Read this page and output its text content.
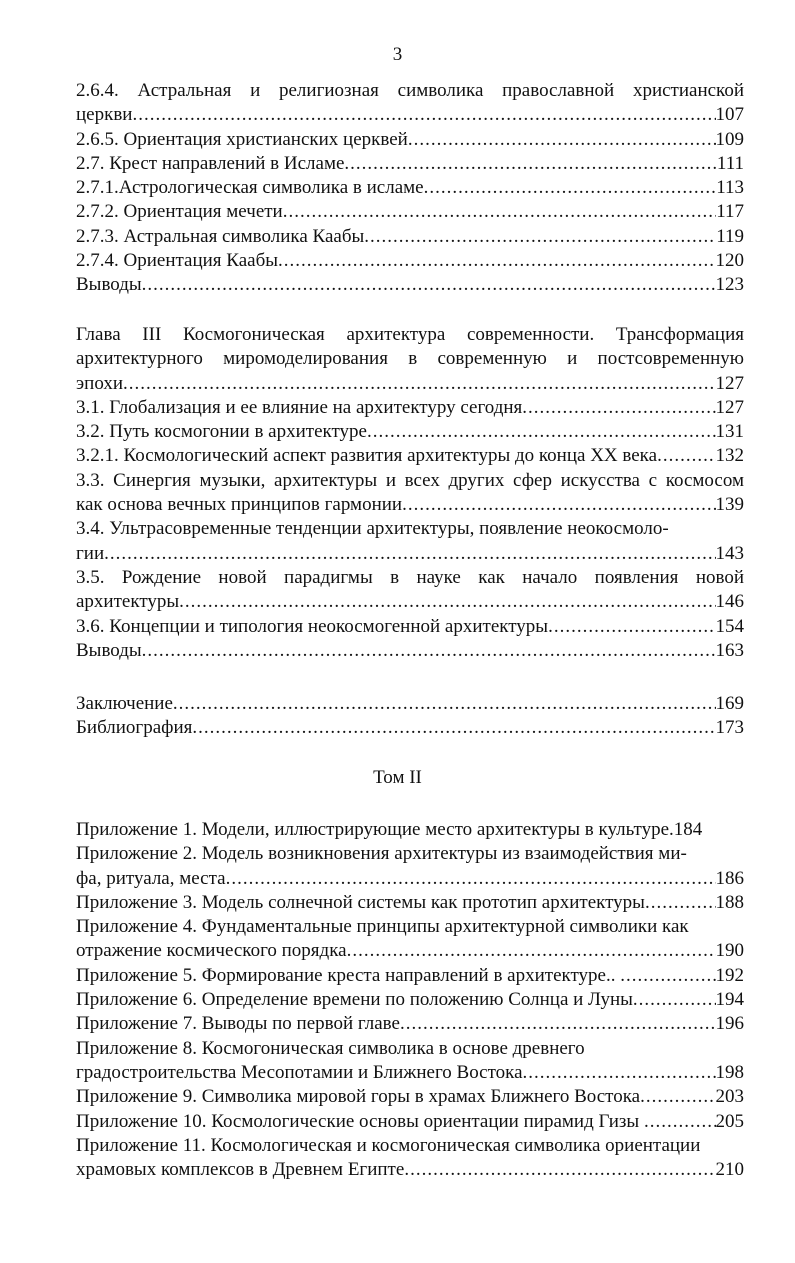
3
2.6.4. Астральная и религиозная символика православной христианской
церкви .....	107
2.6.5. Ориентация христианских церквей .....	109
2.7. Крест направлений в Исламе .....	111
2.7.1.Астрологическая символика в исламе .....	113
2.7.2. Ориентация мечети .....	117
2.7.3. Астральная символика Каабы .....	119
2.7.4. Ориентация Каабы .....	120
Выводы .....	123
Глава III Космогоническая архитектура современности. Трансформация
архитектурного миромоделирования в современную и постсовременную
эпохи .....	127
3.1. Глобализация и ее влияние на архитектуру сегодня .....	127
3.2. Путь космогонии в архитектуре .....	131
3.2.1. Космологический аспект развития архитектуры до конца XX века .....	132
3.3. Синергия музыки, архитектуры и всех других сфер искусства с космосом
как основа вечных принципов гармонии .....	139
3.4. Ультрасовременные тенденции архитектуры, появление неокосмоло-
гии .....	143
3.5. Рождение новой парадигмы в науке как начало появления новой
архитектуры .....	146
3.6. Концепции и типология неокосмогенной архитектуры .....	154
Выводы .....	163
Заключение .....	169
Библиография .....	173
Том II
Приложение 1. Модели, иллюстрирующие место архитектуры в культуре.184
Приложение 2. Модель возникновения архитектуры из взаимодействия ми-
фа, ритуала, места .....	186
Приложение 3. Модель солнечной системы как прототип архитектуры .....	188
Приложение 4. Фундаментальные принципы архитектурной символики как
отражение космического порядка .....	190
Приложение 5. Формирование креста направлений в архитектуре.. .....	192
Приложение 6. Определение времени по положению Солнца и Луны .....	194
Приложение 7. Выводы по первой главе .....	196
Приложение 8. Космогоническая символика в основе древнего
градостроительства Месопотамии и Ближнего Востока .....	198
Приложение 9. Символика мировой горы в храмах Ближнего Востока .....	203
Приложение 10. Космологические основы ориентации пирамид Гизы .....	205
Приложение 11. Космологическая и космогоническая символика ориентации
храмовых комплексов в Древнем Египте .....	210
